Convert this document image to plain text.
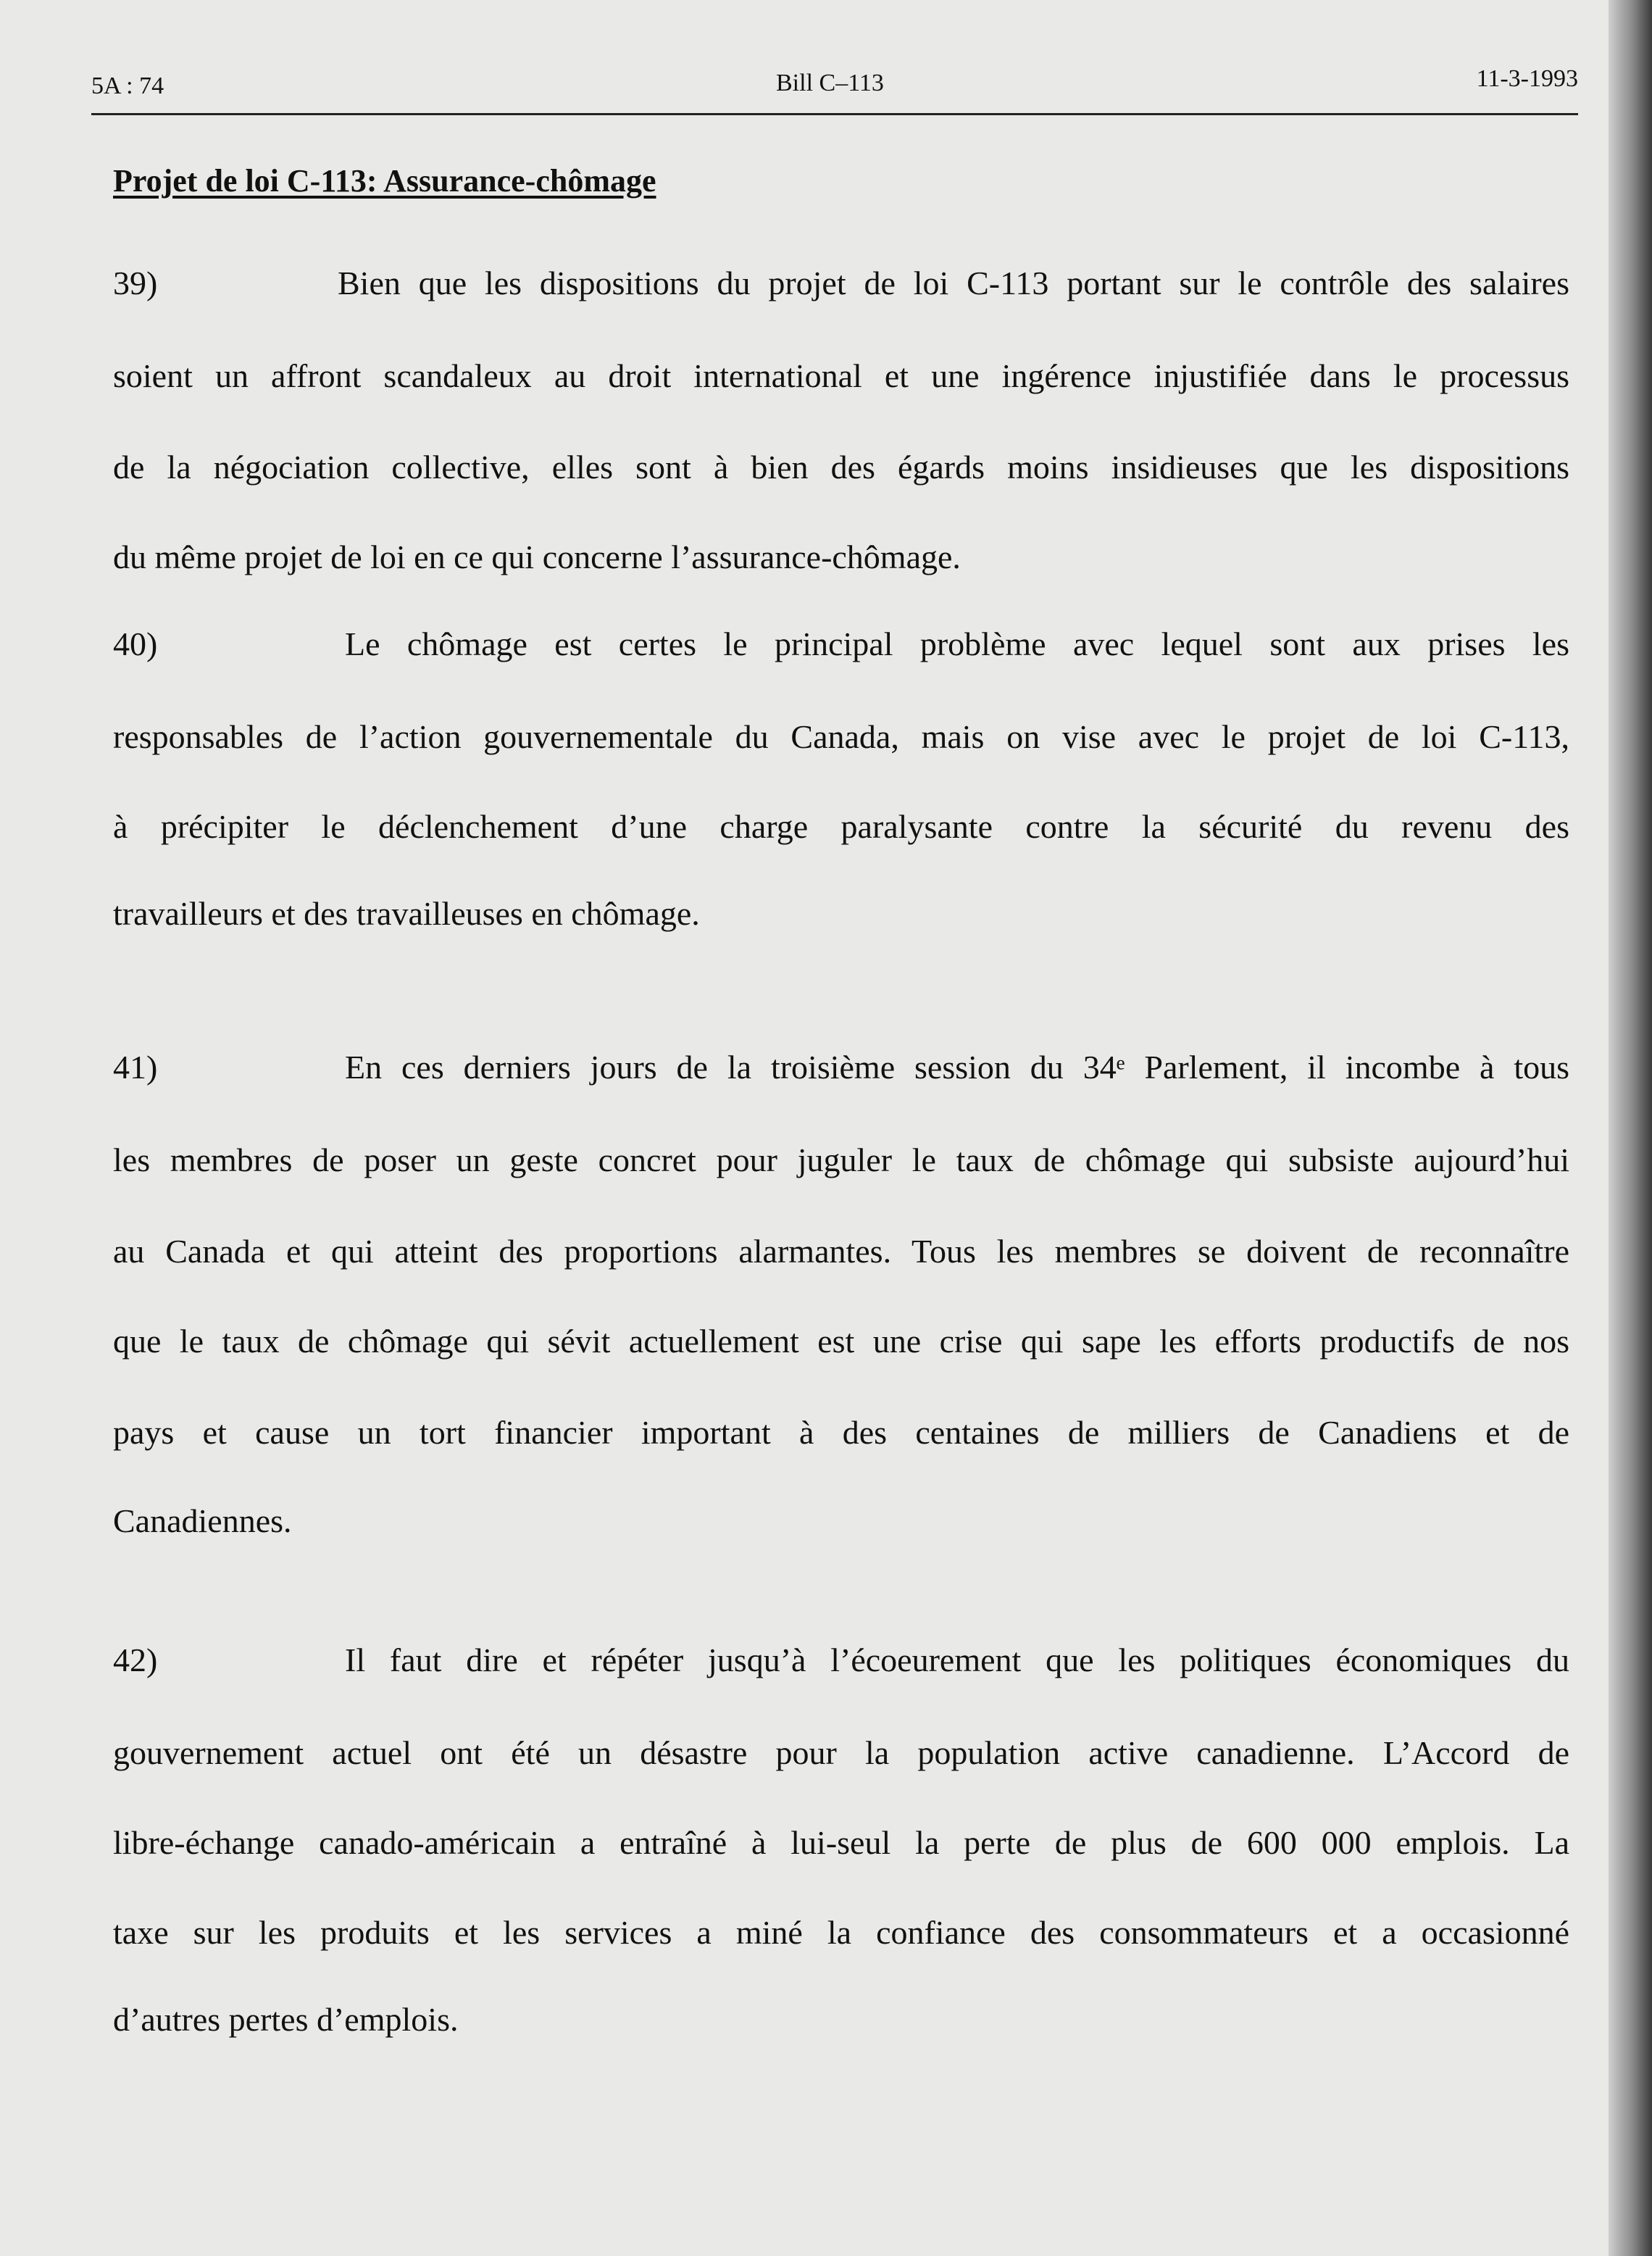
5A : 74	Bill C–113	11-3-1993
Projet de loi C-113: Assurance-chômage
39)	Bien que les dispositions du projet de loi C-113 portant sur le contrôle des salaires
soient un affront scandaleux au droit international et une ingérence injustifiée dans le processus
de la négociation collective, elles sont à bien des égards moins insidieuses que les dispositions
du même projet de loi en ce qui concerne l’assurance-chômage.
40)	Le chômage est certes le principal problème avec lequel sont aux prises les
responsables de l’action gouvernementale du Canada, mais on vise avec le projet de loi C-113,
à précipiter le déclenchement d’une charge paralysante contre la sécurité du revenu des
travailleurs et des travailleuses en chômage.
41)	En ces derniers jours de la troisième session du 34ᵉ Parlement, il incombe à tous
les membres de poser un geste concret pour juguler le taux de chômage qui subsiste aujourd’hui
au Canada et qui atteint des proportions alarmantes. Tous les membres se doivent de reconnaître
que le taux de chômage qui sévit actuellement est une crise qui sape les efforts productifs de nos
pays et cause un tort financier important à des centaines de milliers de Canadiens et de
Canadiennes.
42)	Il faut dire et répéter jusqu’à l’écoeurement que les politiques économiques du
gouvernement actuel ont été un désastre pour la population active canadienne. L’Accord de
libre-échange canado-américain a entraîné à lui-seul la perte de plus de 600 000 emplois. La
taxe sur les produits et les services a miné la confiance des consommateurs et a occasionné
d’autres pertes d’emplois.
